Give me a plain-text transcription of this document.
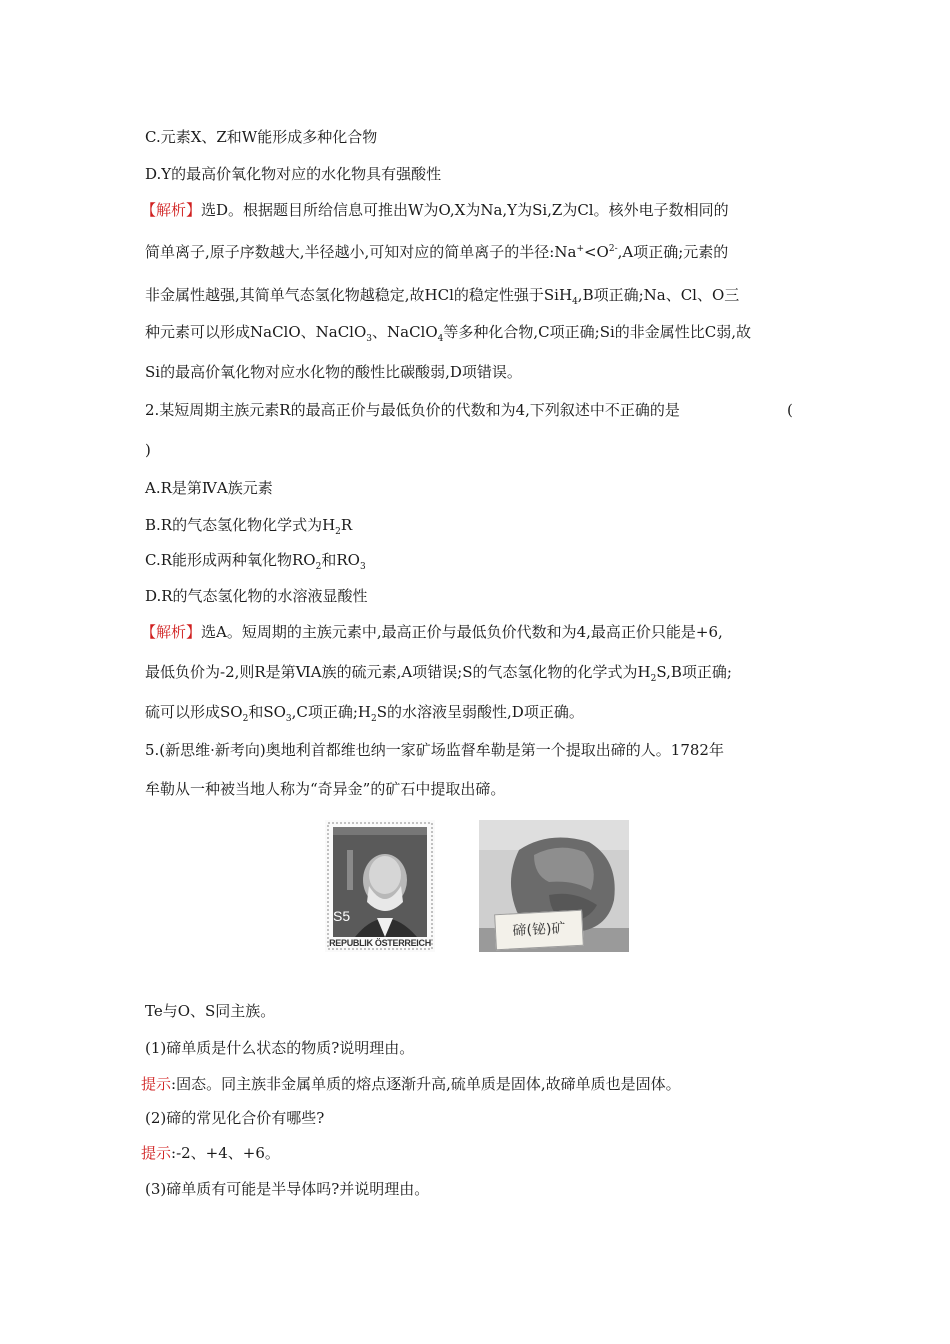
C.元素X、Z和W能形成多种化合物
D.Y的最高价氧化物对应的水化物具有强酸性
【解析】选D。根据题目所给信息可推出W为O,X为Na,Y为Si,Z为Cl。核外电子数相同的
简单离子,原子序数越大,半径越小,可知对应的简单离子的半径$:Na^+<O^{2-},A$项正确;元素的
非金属性越强,其简单气态氢化物越稳定,故HCl的稳定性强于SiH$_4$,B项正确;Na、Cl、O三
种元素可以形成NaClO、NaClO$_3$、NaClO$_4$等多种化合物,C项正确;Si的非金属性比C弱,故
Si的最高价氧化物对应水化物的酸性比碳酸弱,D项错误。
2.某短周期主族元素R的最高正价与最低负价的代数和为4,下列叙述中不正确的是	(
)
A.R是第ⅣA族元素
B.R的气态氢化物化学式为$H_2R$
C.R能形成两种氧化物$RO_2$和$RO_3$
D.R的气态氢化物的水溶液显酸性
【解析】选A。短周期的主族元素中,最高正价与最低负价代数和为4,最高正价只能是+6,
最低负价为-2,则R是第ⅥA族的硫元素,A项错误;S的气态氢化物的化学式为$H_2S,B$项正确;
硫可以形成$SO_2$和$SO_3,C$项正确$;H_2S$的水溶液呈弱酸性,D项正确。
5.(新思维·新考向)奥地利首都维也纳一家矿场监督牟勒是第一个提取出碲的人。1782年
牟勒从一种被当地人称为“奇异金”的矿石中提取出碲。
S5
REPUBLIK ÖSTERREICH
碲(铋)矿
Te与O、S同主族。
(1)碲单质是什么状态的物质?说明理由。
提示:固态。同主族非金属单质的熔点逐渐升高,硫单质是固体,故碲单质也是固体。
(2)碲的常见化合价有哪些?
提示:-2、+4、+6。
(3)碲单质有可能是半导体吗?并说明理由。
